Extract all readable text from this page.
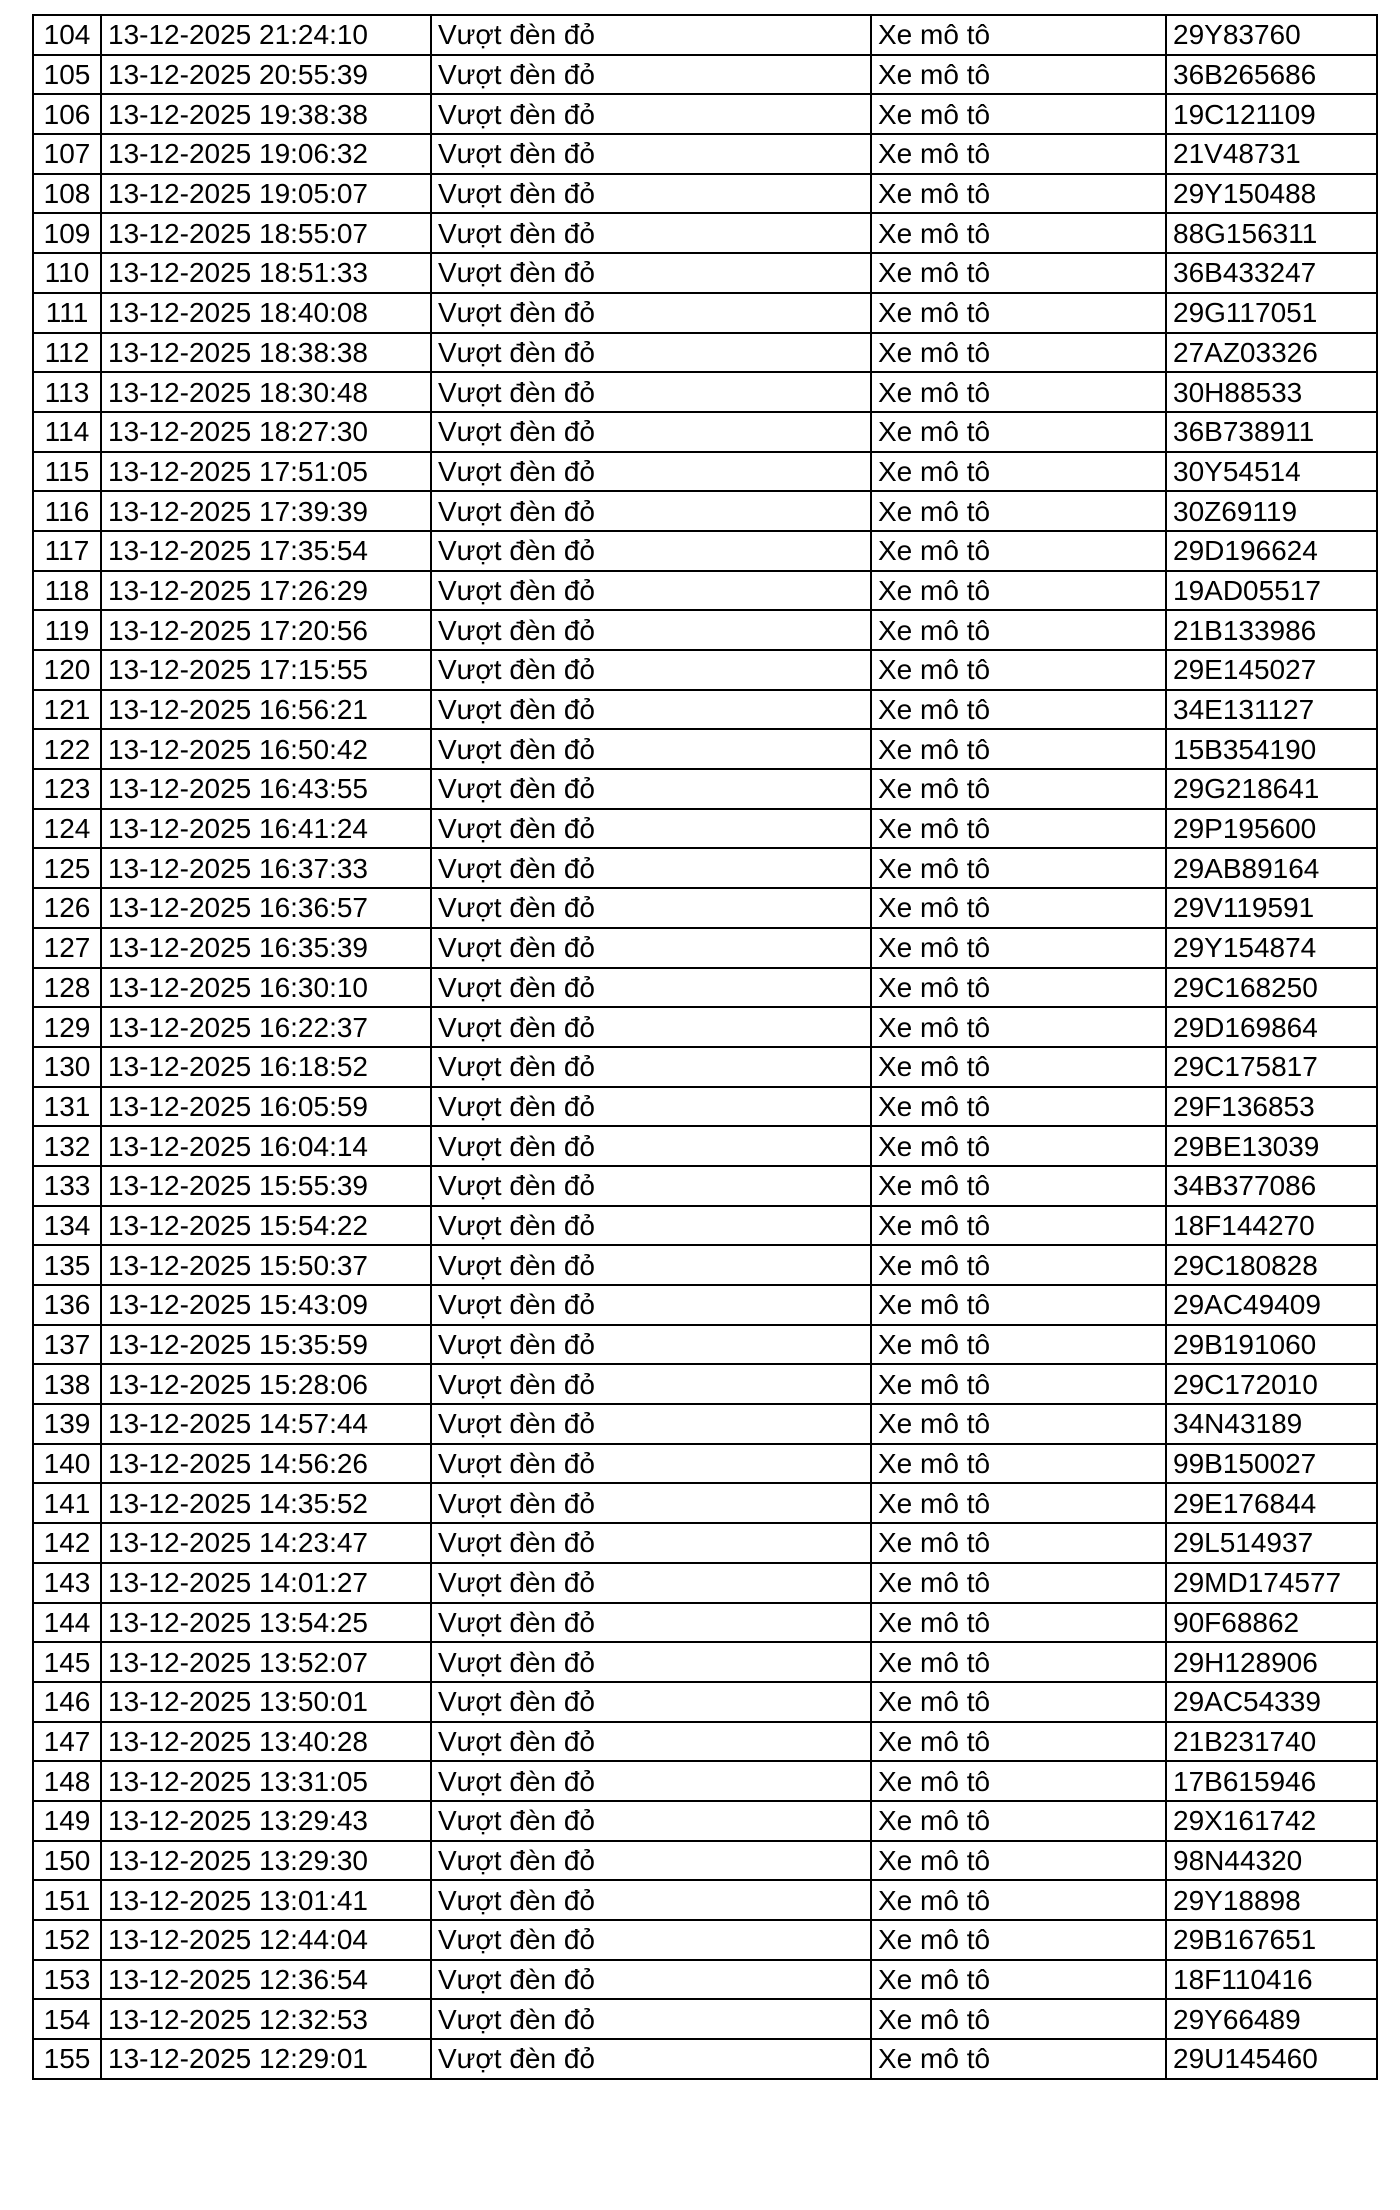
104	13-12-2025 21:24:10	Vượt đèn đỏ	Xe mô tô	29Y83760
105	13-12-2025 20:55:39	Vượt đèn đỏ	Xe mô tô	36B265686
106	13-12-2025 19:38:38	Vượt đèn đỏ	Xe mô tô	19C121109
107	13-12-2025 19:06:32	Vượt đèn đỏ	Xe mô tô	21V48731
108	13-12-2025 19:05:07	Vượt đèn đỏ	Xe mô tô	29Y150488
109	13-12-2025 18:55:07	Vượt đèn đỏ	Xe mô tô	88G156311
110	13-12-2025 18:51:33	Vượt đèn đỏ	Xe mô tô	36B433247
111	13-12-2025 18:40:08	Vượt đèn đỏ	Xe mô tô	29G117051
112	13-12-2025 18:38:38	Vượt đèn đỏ	Xe mô tô	27AZ03326
113	13-12-2025 18:30:48	Vượt đèn đỏ	Xe mô tô	30H88533
114	13-12-2025 18:27:30	Vượt đèn đỏ	Xe mô tô	36B738911
115	13-12-2025 17:51:05	Vượt đèn đỏ	Xe mô tô	30Y54514
116	13-12-2025 17:39:39	Vượt đèn đỏ	Xe mô tô	30Z69119
117	13-12-2025 17:35:54	Vượt đèn đỏ	Xe mô tô	29D196624
118	13-12-2025 17:26:29	Vượt đèn đỏ	Xe mô tô	19AD05517
119	13-12-2025 17:20:56	Vượt đèn đỏ	Xe mô tô	21B133986
120	13-12-2025 17:15:55	Vượt đèn đỏ	Xe mô tô	29E145027
121	13-12-2025 16:56:21	Vượt đèn đỏ	Xe mô tô	34E131127
122	13-12-2025 16:50:42	Vượt đèn đỏ	Xe mô tô	15B354190
123	13-12-2025 16:43:55	Vượt đèn đỏ	Xe mô tô	29G218641
124	13-12-2025 16:41:24	Vượt đèn đỏ	Xe mô tô	29P195600
125	13-12-2025 16:37:33	Vượt đèn đỏ	Xe mô tô	29AB89164
126	13-12-2025 16:36:57	Vượt đèn đỏ	Xe mô tô	29V119591
127	13-12-2025 16:35:39	Vượt đèn đỏ	Xe mô tô	29Y154874
128	13-12-2025 16:30:10	Vượt đèn đỏ	Xe mô tô	29C168250
129	13-12-2025 16:22:37	Vượt đèn đỏ	Xe mô tô	29D169864
130	13-12-2025 16:18:52	Vượt đèn đỏ	Xe mô tô	29C175817
131	13-12-2025 16:05:59	Vượt đèn đỏ	Xe mô tô	29F136853
132	13-12-2025 16:04:14	Vượt đèn đỏ	Xe mô tô	29BE13039
133	13-12-2025 15:55:39	Vượt đèn đỏ	Xe mô tô	34B377086
134	13-12-2025 15:54:22	Vượt đèn đỏ	Xe mô tô	18F144270
135	13-12-2025 15:50:37	Vượt đèn đỏ	Xe mô tô	29C180828
136	13-12-2025 15:43:09	Vượt đèn đỏ	Xe mô tô	29AC49409
137	13-12-2025 15:35:59	Vượt đèn đỏ	Xe mô tô	29B191060
138	13-12-2025 15:28:06	Vượt đèn đỏ	Xe mô tô	29C172010
139	13-12-2025 14:57:44	Vượt đèn đỏ	Xe mô tô	34N43189
140	13-12-2025 14:56:26	Vượt đèn đỏ	Xe mô tô	99B150027
141	13-12-2025 14:35:52	Vượt đèn đỏ	Xe mô tô	29E176844
142	13-12-2025 14:23:47	Vượt đèn đỏ	Xe mô tô	29L514937
143	13-12-2025 14:01:27	Vượt đèn đỏ	Xe mô tô	29MD174577
144	13-12-2025 13:54:25	Vượt đèn đỏ	Xe mô tô	90F68862
145	13-12-2025 13:52:07	Vượt đèn đỏ	Xe mô tô	29H128906
146	13-12-2025 13:50:01	Vượt đèn đỏ	Xe mô tô	29AC54339
147	13-12-2025 13:40:28	Vượt đèn đỏ	Xe mô tô	21B231740
148	13-12-2025 13:31:05	Vượt đèn đỏ	Xe mô tô	17B615946
149	13-12-2025 13:29:43	Vượt đèn đỏ	Xe mô tô	29X161742
150	13-12-2025 13:29:30	Vượt đèn đỏ	Xe mô tô	98N44320
151	13-12-2025 13:01:41	Vượt đèn đỏ	Xe mô tô	29Y18898
152	13-12-2025 12:44:04	Vượt đèn đỏ	Xe mô tô	29B167651
153	13-12-2025 12:36:54	Vượt đèn đỏ	Xe mô tô	18F110416
154	13-12-2025 12:32:53	Vượt đèn đỏ	Xe mô tô	29Y66489
155	13-12-2025 12:29:01	Vượt đèn đỏ	Xe mô tô	29U145460
